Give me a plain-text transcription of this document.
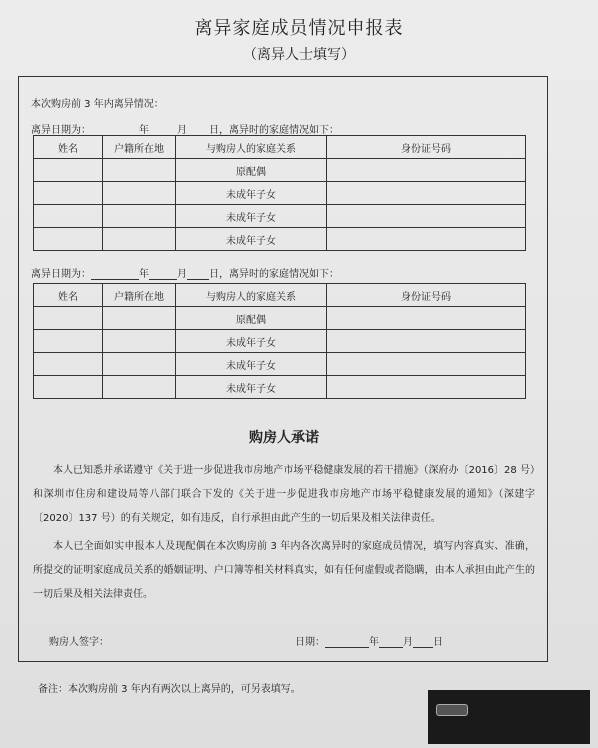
离异家庭成员情况申报表
（离异人士填写）
本次购房前 3 年内离异情况：
离异日期为：	年	月 日，离异时的家庭情况如下：
姓名	户籍所在地	与购房人的家庭关系	身份证号码
		原配偶	
		未成年子女	
		未成年子女	
		未成年子女	
离异日期为：	年	月 日，离异时的家庭情况如下：
姓名	户籍所在地	与购房人的家庭关系	身份证号码
		原配偶	
		未成年子女	
		未成年子女	
		未成年子女	
购房人承诺
本人已知悉并承诺遵守《关于进一步促进我市房地产市场平稳健康发展的若干措施》（深府办〔2016〕28 号）和深圳市住房和建设局等八部门联合下发的《关于进一步促进我市房地产市场平稳健康发展的通知》（深建字〔2020〕137 号）的有关规定，如有违反，自行承担由此产生的一切后果及相关法律责任。
本人已全面如实申报本人及现配偶在本次购房前 3 年内各次离异时的家庭成员情况，填写内容真实、准确，所提交的证明家庭成员关系的婚姻证明、户口簿等相关材料真实，如有任何虚假或者隐瞒，由本人承担由此产生的一切后果及相关法律责任。
购房人签字：	日期：	年 月 日
备注：本次购房前 3 年内有两次以上离异的，可另表填写。
